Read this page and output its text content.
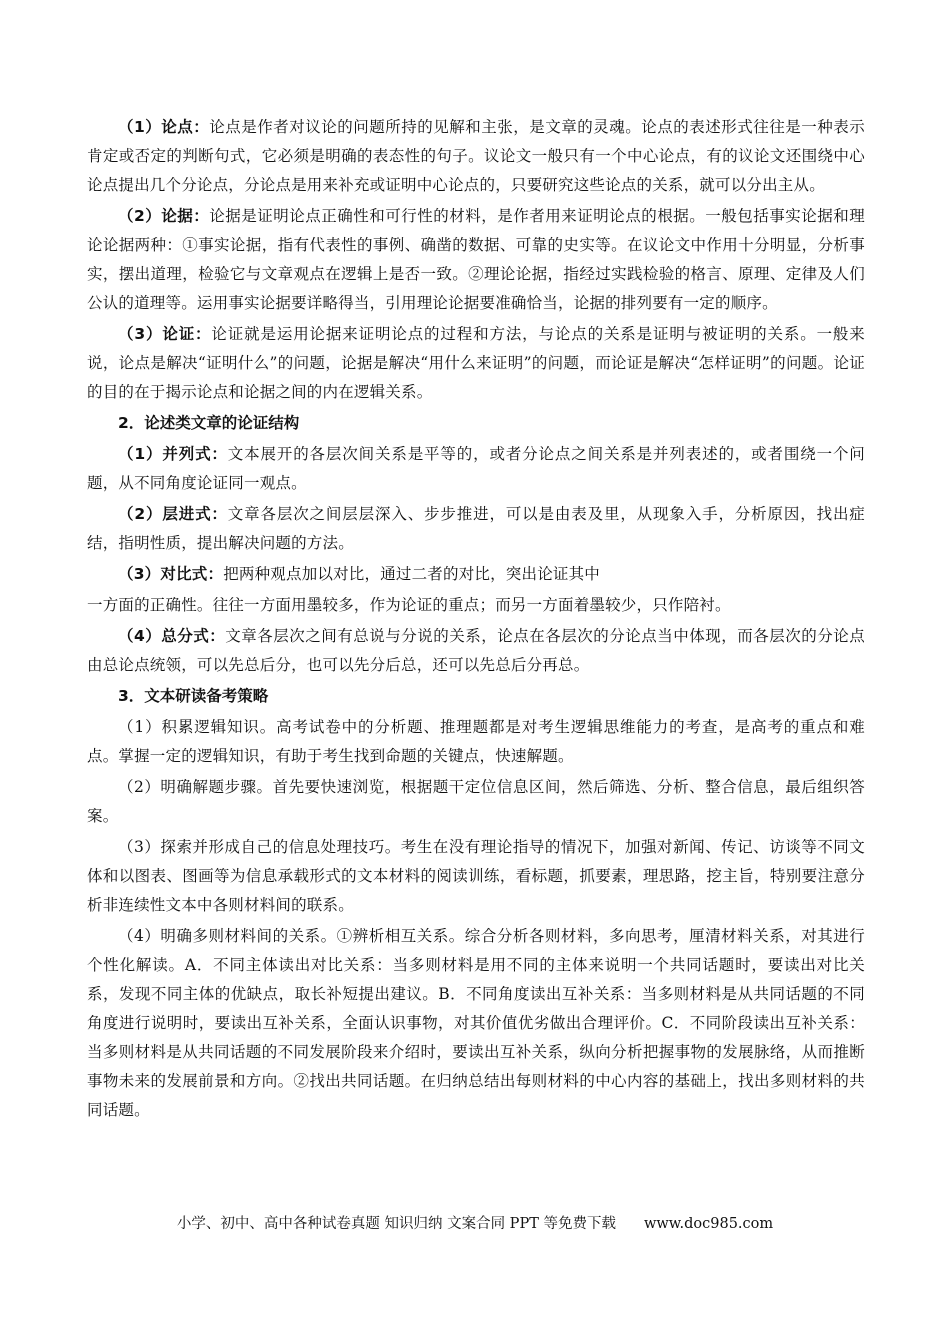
（1）论点：论点是作者对议论的问题所持的见解和主张，是文章的灵魂。论点的表述形式往往是一种表示肯定或否定的判断句式，它必须是明确的表态性的句子。议论文一般只有一个中心论点，有的议论文还围绕中心论点提出几个分论点，分论点是用来补充或证明中心论点的，只要研究这些论点的关系，就可以分出主从。

（2）论据：论据是证明论点正确性和可行性的材料，是作者用来证明论点的根据。一般包括事实论据和理论论据两种：①事实论据，指有代表性的事例、确凿的数据、可靠的史实等。在议论文中作用十分明显，分析事实，摆出道理，检验它与文章观点在逻辑上是否一致。②理论论据，指经过实践检验的格言、原理、定律及人们公认的道理等。运用事实论据要详略得当，引用理论论据要准确恰当，论据的排列要有一定的顺序。

（3）论证：论证就是运用论据来证明论点的过程和方法，与论点的关系是证明与被证明的关系。一般来说，论点是解决“证明什么”的问题，论据是解决“用什么来证明”的问题，而论证是解决“怎样证明”的问题。论证的目的在于揭示论点和论据之间的内在逻辑关系。

2．论述类文章的论证结构

（1）并列式：文本展开的各层次间关系是平等的，或者分论点之间关系是并列表述的，或者围绕一个问题，从不同角度论证同一观点。

（2）层进式：文章各层次之间层层深入、步步推进，可以是由表及里，从现象入手，分析原因，找出症结，指明性质，提出解决问题的方法。

（3）对比式：把两种观点加以对比，通过二者的对比，突出论证其中

一方面的正确性。往往一方面用墨较多，作为论证的重点；而另一方面着墨较少，只作陪衬。

（4）总分式：文章各层次之间有总说与分说的关系，论点在各层次的分论点当中体现，而各层次的分论点由总论点统领，可以先总后分，也可以先分后总，还可以先总后分再总。

3．文本研读备考策略

（1）积累逻辑知识。高考试卷中的分析题、推理题都是对考生逻辑思维能力的考查，是高考的重点和难点。掌握一定的逻辑知识，有助于考生找到命题的关键点，快速解题。

（2）明确解题步骤。首先要快速浏览，根据题干定位信息区间，然后筛选、分析、整合信息，最后组织答案。

（3）探索并形成自己的信息处理技巧。考生在没有理论指导的情况下，加强对新闻、传记、访谈等不同文体和以图表、图画等为信息承载形式的文本材料的阅读训练，看标题，抓要素，理思路，挖主旨，特别要注意分析非连续性文本中各则材料间的联系。

（4）明确多则材料间的关系。①辨析相互关系。综合分析各则材料，多向思考，厘清材料关系，对其进行个性化解读。A．不同主体读出对比关系：当多则材料是用不同的主体来说明一个共同话题时，要读出对比关系，发现不同主体的优缺点，取长补短提出建议。B．不同角度读出互补关系：当多则材料是从共同话题的不同角度进行说明时，要读出互补关系，全面认识事物，对其价值优劣做出合理评价。C．不同阶段读出互补关系：当多则材料是从共同话题的不同发展阶段来介绍时，要读出互补关系，纵向分析把握事物的发展脉络，从而推断事物未来的发展前景和方向。②找出共同话题。在归纳总结出每则材料的中心内容的基础上，找出多则材料的共同话题。

小学、初中、高中各种试卷真题 知识归纳 文案合同 PPT 等免费下载 www.doc985.com
